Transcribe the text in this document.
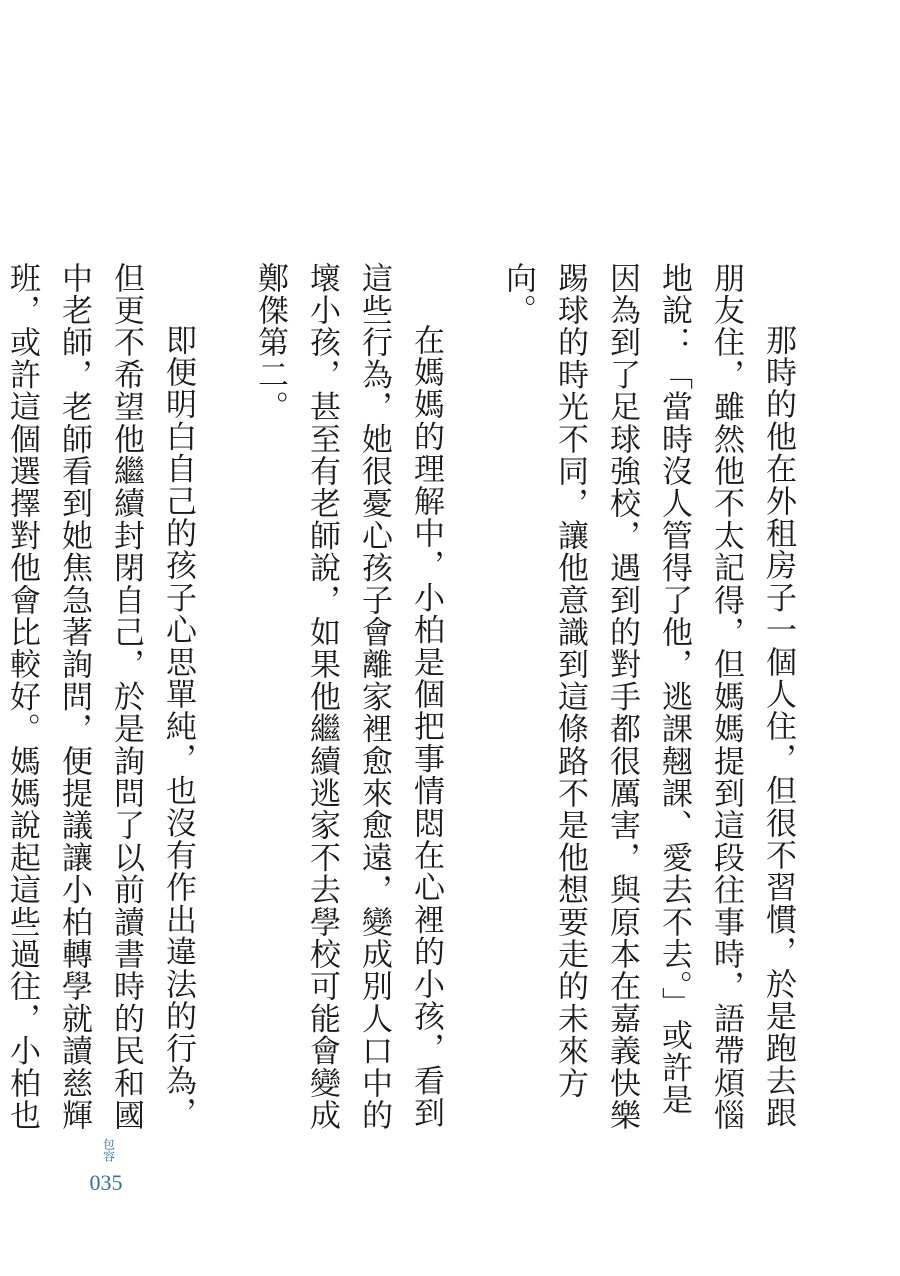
那時的他在外租房子一個人住，但很不習慣，於是跑去跟朋友住，雖然他不太記得，但媽媽提到這段往事時，語帶煩惱地說：「當時沒人管得了他，逃課翹課、愛去不去。」或許是因為到了足球強校，遇到的對手都很厲害，與原本在嘉義快樂踢球的時光不同，讓他意識到這條路不是他想要走的未來方向。

在媽媽的理解中，小柏是個把事情悶在心裡的小孩，看到這些行為，她很憂心孩子會離家裡愈來愈遠，變成別人口中的壞小孩，甚至有老師說，如果他繼續逃家不去學校可能會變成鄭傑第二。

即便明白自己的孩子心思單純，也沒有作出違法的行為，但更不希望他繼續封閉自己，於是詢問了以前讀書時的民和國中老師，老師看到她焦急著詢問，便提議讓小柏轉學就讀慈輝班，或許這個選擇對他會比較好。媽媽說起這些過往，小柏也

包容
035
